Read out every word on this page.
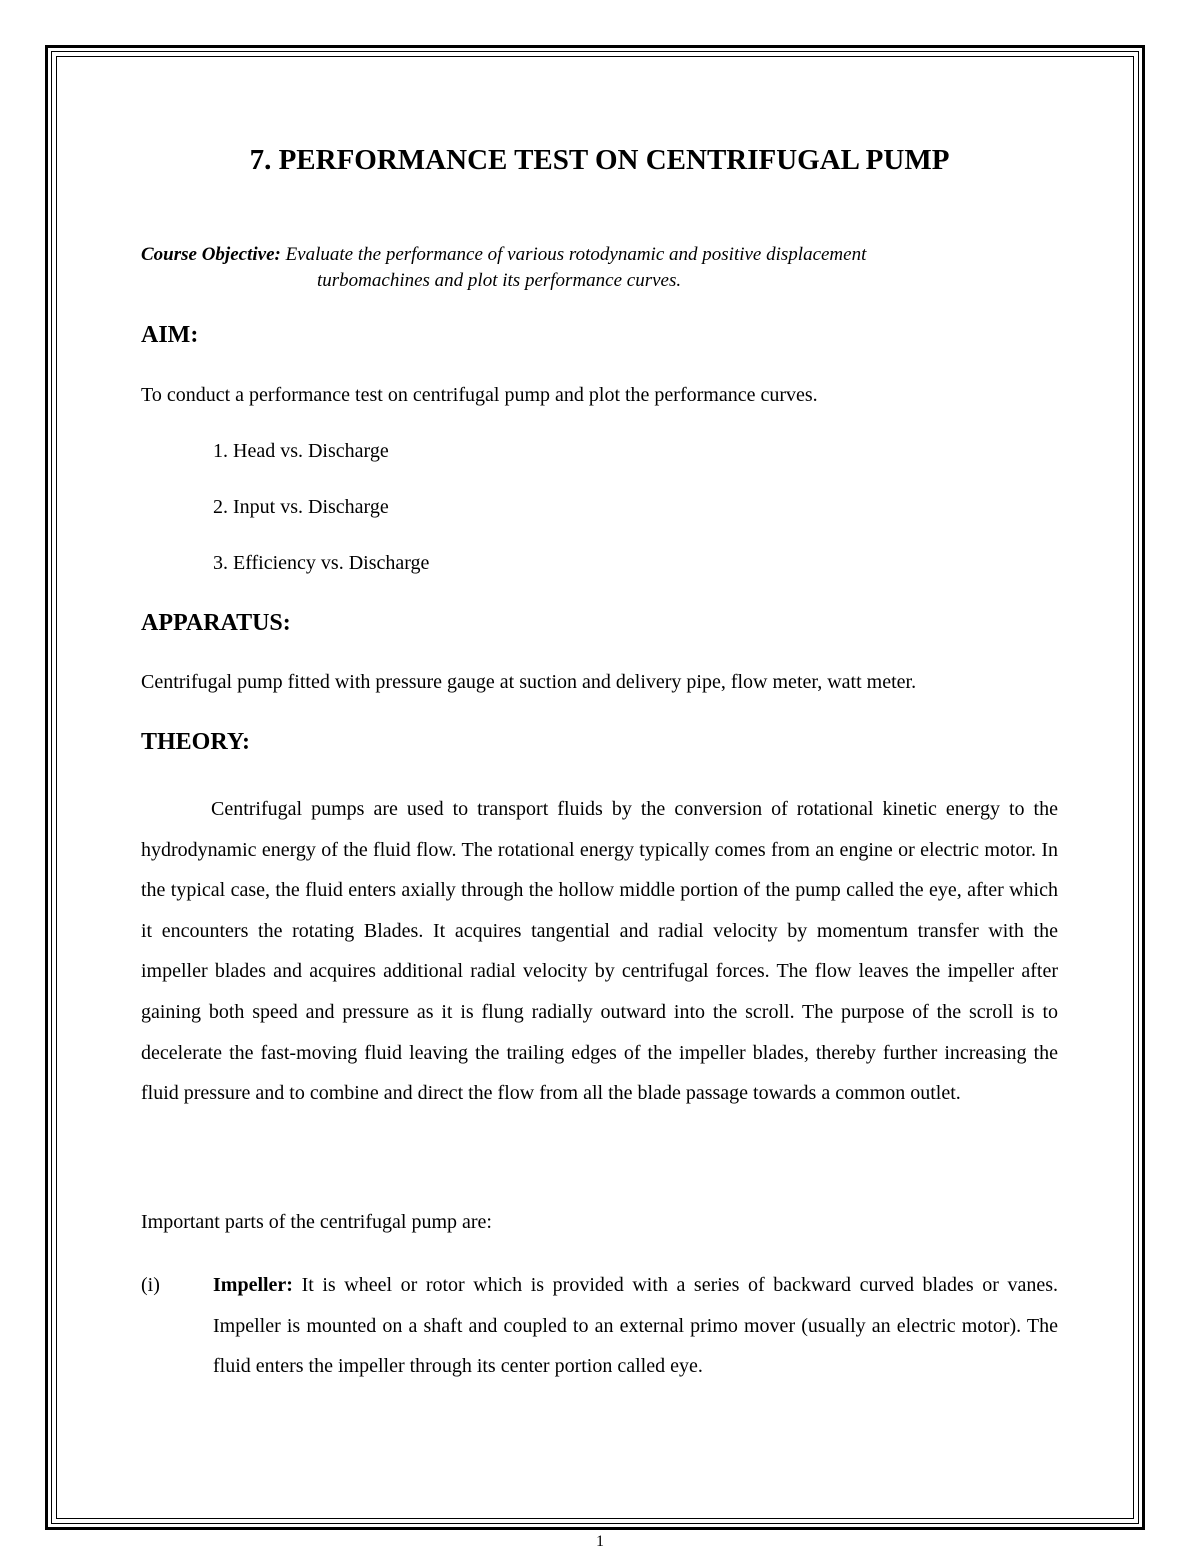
7. PERFORMANCE TEST ON CENTRIFUGAL PUMP
Course Objective: Evaluate the performance of various rotodynamic and positive displacement
turbomachines and plot its performance curves.
AIM:
To conduct a performance test on centrifugal pump and plot the performance curves.
1. Head vs. Discharge
2. Input vs. Discharge
3. Efficiency vs. Discharge
APPARATUS:
Centrifugal pump fitted with pressure gauge at suction and delivery pipe, flow meter, watt meter.
THEORY:
Centrifugal pumps are used to transport fluids by the conversion of rotational kinetic energy to the hydrodynamic energy of the fluid flow. The rotational energy typically comes from an engine or electric motor. In the typical case, the fluid enters axially through the hollow middle portion of the pump called the eye, after which it encounters the rotating Blades. It acquires tangential and radial velocity by momentum transfer with the impeller blades and acquires additional radial velocity by centrifugal forces. The flow leaves the impeller after gaining both speed and pressure as it is flung radially outward into the scroll. The purpose of the scroll is to decelerate the fast-moving fluid leaving the trailing edges of the impeller blades, thereby further increasing the fluid pressure and to combine and direct the flow from all the blade passage towards a common outlet.
Important parts of the centrifugal pump are:
(i)	Impeller: It is wheel or rotor which is provided with a series of backward curved blades or vanes. Impeller is mounted on a shaft and coupled to an external primo mover (usually an electric motor). The fluid enters the impeller through its center portion called eye.
1
